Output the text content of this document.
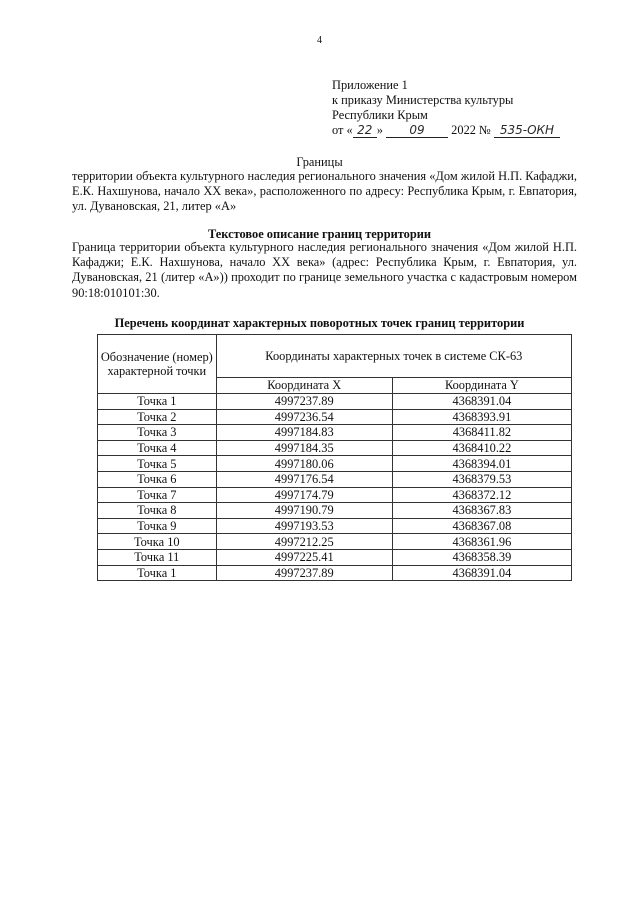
4
Приложение 1
к приказу Министерства культуры
Республики Крым
от « 22 » 09 2022 № 535-ОКН
Границы
территории объекта культурного наследия регионального значения «Дом жилой Н.П. Кафаджи, Е.К. Нахшунова, начало XX века», расположенного по адресу: Республика Крым, г. Евпатория, ул. Дувановская, 21, литер «А»
Текстовое описание границ территории
Граница территории объекта культурного наследия регионального значения «Дом жилой Н.П. Кафаджи; Е.К. Нахшунова, начало XX века» (адрес: Республика Крым, г. Евпатория, ул. Дувановская, 21 (литер «А»)) проходит по границе земельного участка с кадастровым номером 90:18:010101:30.
Перечень координат характерных поворотных точек границ территории
Обозначение (номер) характерной точки	Координаты характерных точек в системе СК-63	
	Координата X	Координата Y
Точка 1	4997237.89	4368391.04
Точка 2	4997236.54	4368393.91
Точка 3	4997184.83	4368411.82
Точка 4	4997184.35	4368410.22
Точка 5	4997180.06	4368394.01
Точка 6	4997176.54	4368379.53
Точка 7	4997174.79	4368372.12
Точка 8	4997190.79	4368367.83
Точка 9	4997193.53	4368367.08
Точка 10	4997212.25	4368361.96
Точка 11	4997225.41	4368358.39
Точка 1	4997237.89	4368391.04
